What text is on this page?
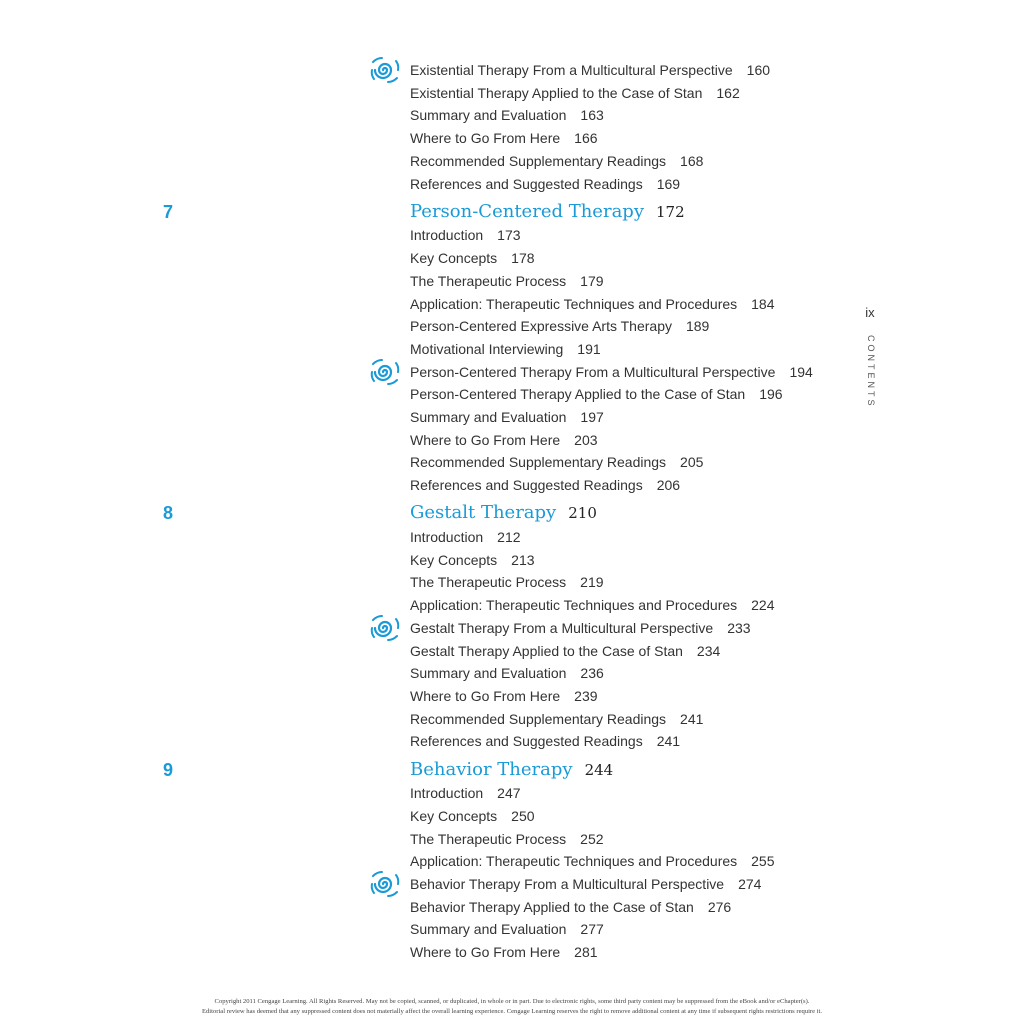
Existential Therapy From a Multicultural Perspective 160
Existential Therapy Applied to the Case of Stan 162
Summary and Evaluation 163
Where to Go From Here 166
Recommended Supplementary Readings 168
References and Suggested Readings 169
7	Person-Centered Therapy 172
Introduction 173
Key Concepts 178
The Therapeutic Process 179
Application: Therapeutic Techniques and Procedures 184
Person-Centered Expressive Arts Therapy 189
Motivational Interviewing 191
Person-Centered Therapy From a Multicultural Perspective 194
Person-Centered Therapy Applied to the Case of Stan 196
Summary and Evaluation 197
Where to Go From Here 203
Recommended Supplementary Readings 205
References and Suggested Readings 206
8	Gestalt Therapy 210
Introduction 212
Key Concepts 213
The Therapeutic Process 219
Application: Therapeutic Techniques and Procedures 224
Gestalt Therapy From a Multicultural Perspective 233
Gestalt Therapy Applied to the Case of Stan 234
Summary and Evaluation 236
Where to Go From Here 239
Recommended Supplementary Readings 241
References and Suggested Readings 241
9	Behavior Therapy 244
Introduction 247
Key Concepts 250
The Therapeutic Process 252
Application: Therapeutic Techniques and Procedures 255
Behavior Therapy From a Multicultural Perspective 274
Behavior Therapy Applied to the Case of Stan 276
Summary and Evaluation 277
Where to Go From Here 281
ix
CONTENTS
Copyright 2011 Cengage Learning. All Rights Reserved. May not be copied, scanned, or duplicated, in whole or in part. Due to electronic rights, some third party content may be suppressed from the eBook and/or eChapter(s).
Editorial review has deemed that any suppressed content does not materially affect the overall learning experience. Cengage Learning reserves the right to remove additional content at any time if subsequent rights restrictions require it.
